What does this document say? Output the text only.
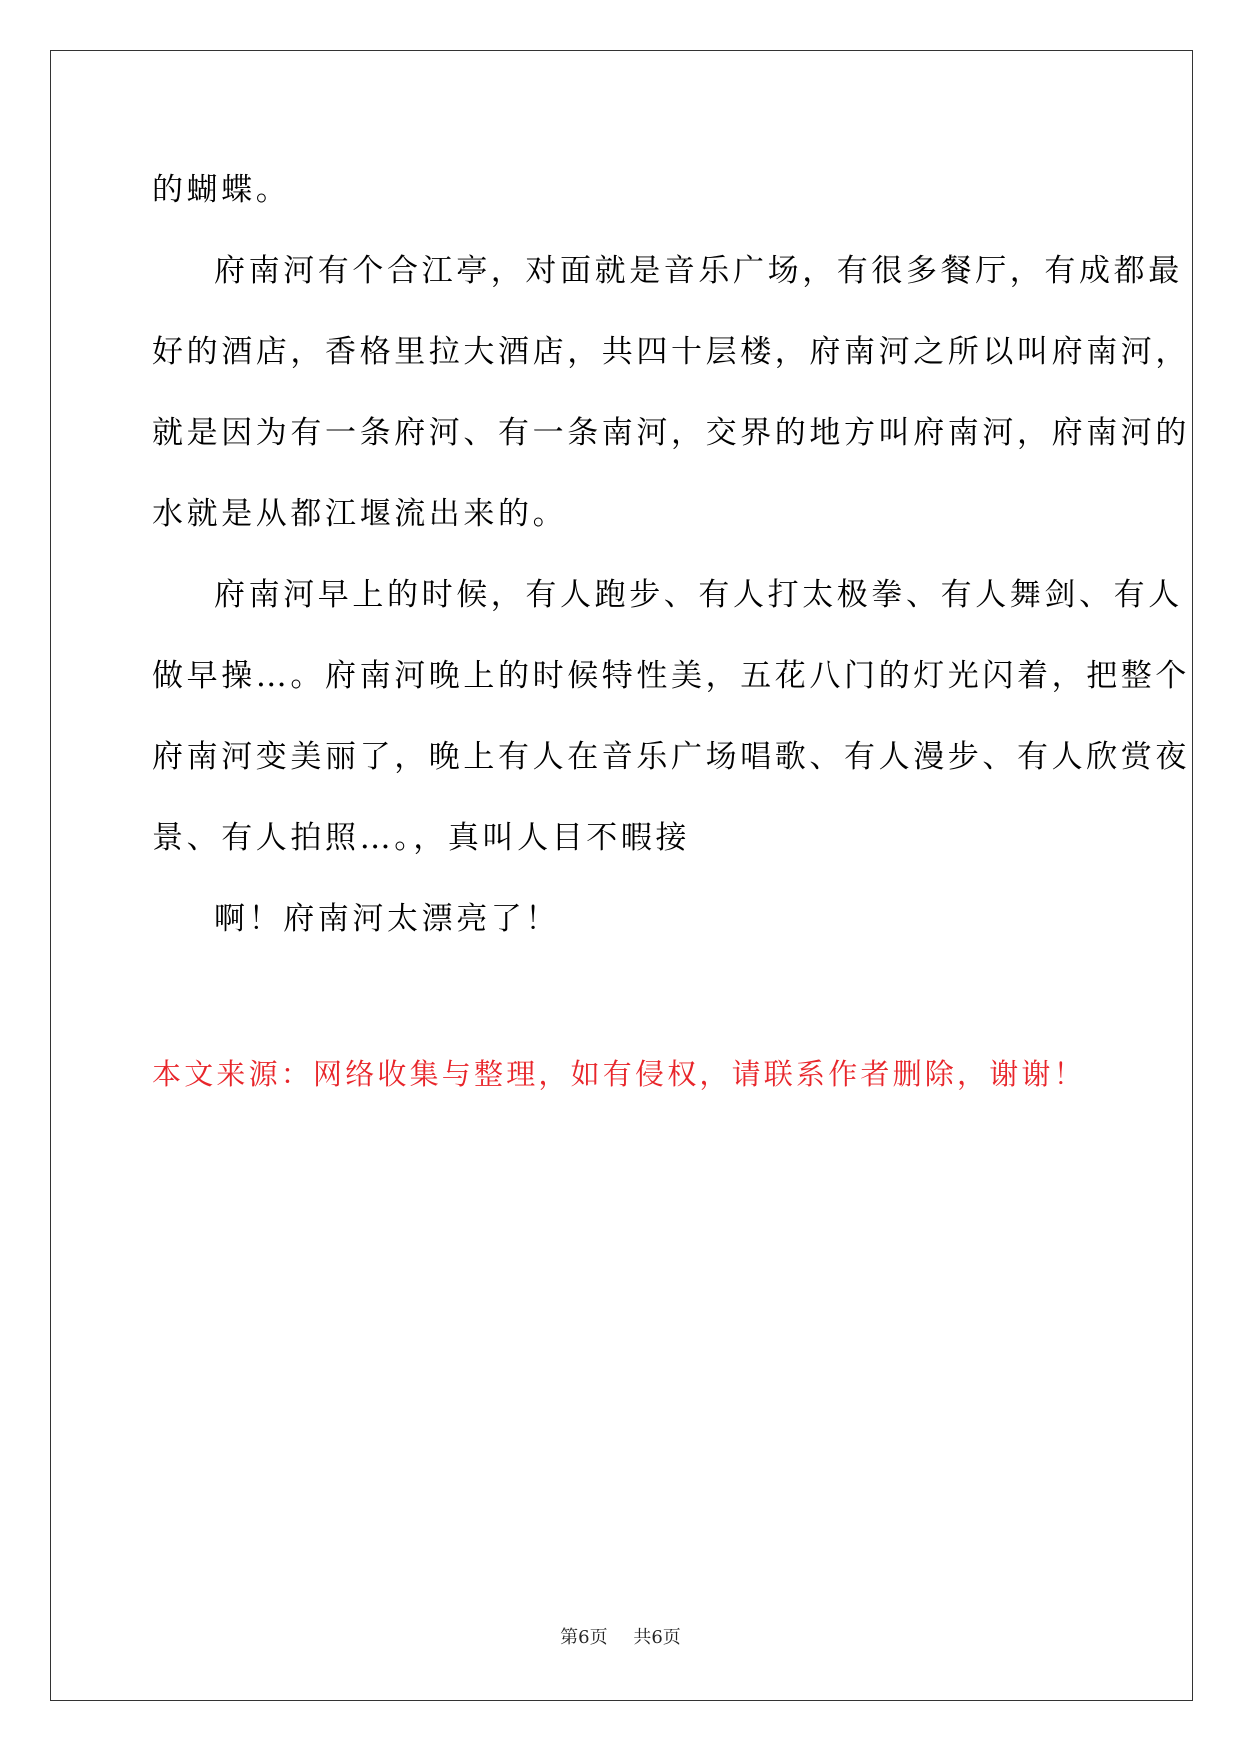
的蝴蝶。
府南河有个合江亭，对面就是音乐广场，有很多餐厅，有成都最
好的酒店，香格里拉大酒店，共四十层楼，府南河之所以叫府南河，
就是因为有一条府河、有一条南河，交界的地方叫府南河，府南河的
水就是从都江堰流出来的。
府南河早上的时候，有人跑步、有人打太极拳、有人舞剑、有人
做早操…。府南河晚上的时候特性美，五花八门的灯光闪着，把整个
府南河变美丽了，晚上有人在音乐广场唱歌、有人漫步、有人欣赏夜
景、有人拍照…。，真叫人目不暇接
啊！府南河太漂亮了！
本文来源：网络收集与整理，如有侵权，请联系作者删除，谢谢！
第6页 共6页
